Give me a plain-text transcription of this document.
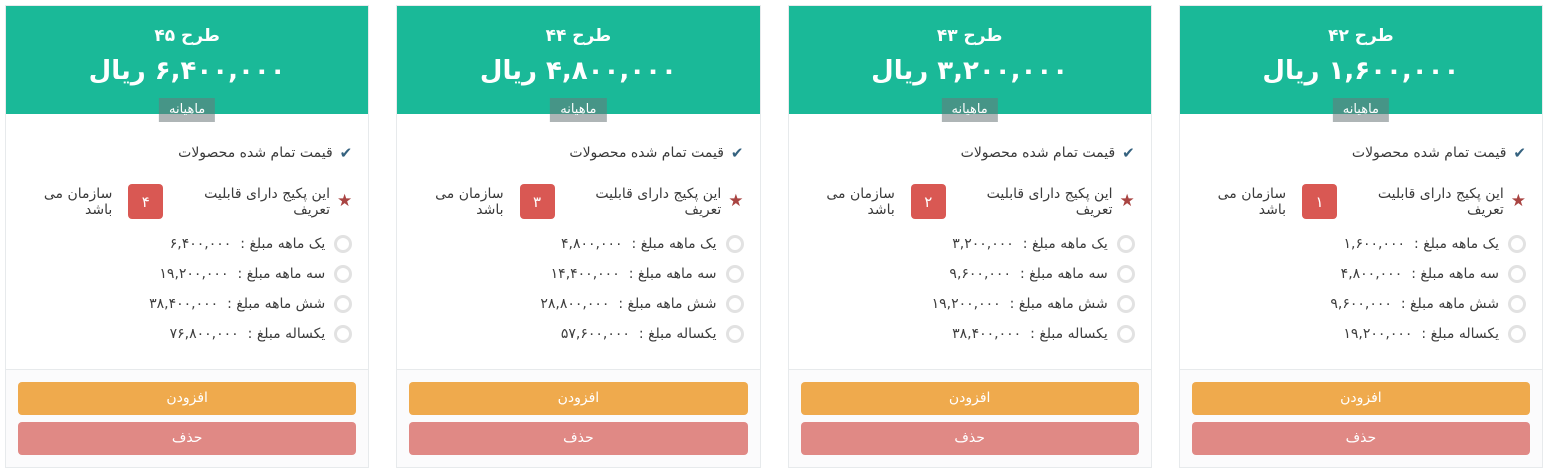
طرح ۴۲
۱,۶۰۰,۰۰۰ ریال
ماهیانه
✔
قیمت تمام شده محصولات
★
این پکیج دارای قابلیت تعریف
۱
سازمان می باشد
یک ماهه مبلغ :
۱,۶۰۰,۰۰۰
سه ماهه مبلغ :
۴,۸۰۰,۰۰۰
شش ماهه مبلغ :
۹,۶۰۰,۰۰۰
یکساله مبلغ :
۱۹,۲۰۰,۰۰۰
افزودن
حذف
طرح ۴۳
۳,۲۰۰,۰۰۰ ریال
ماهیانه
✔
قیمت تمام شده محصولات
★
این پکیج دارای قابلیت تعریف
۲
سازمان می باشد
یک ماهه مبلغ :
۳,۲۰۰,۰۰۰
سه ماهه مبلغ :
۹,۶۰۰,۰۰۰
شش ماهه مبلغ :
۱۹,۲۰۰,۰۰۰
یکساله مبلغ :
۳۸,۴۰۰,۰۰۰
افزودن
حذف
طرح ۴۴
۴,۸۰۰,۰۰۰ ریال
ماهیانه
✔
قیمت تمام شده محصولات
★
این پکیج دارای قابلیت تعریف
۳
سازمان می باشد
یک ماهه مبلغ :
۴,۸۰۰,۰۰۰
سه ماهه مبلغ :
۱۴,۴۰۰,۰۰۰
شش ماهه مبلغ :
۲۸,۸۰۰,۰۰۰
یکساله مبلغ :
۵۷,۶۰۰,۰۰۰
افزودن
حذف
طرح ۴۵
۶,۴۰۰,۰۰۰ ریال
ماهیانه
✔
قیمت تمام شده محصولات
★
این پکیج دارای قابلیت تعریف
۴
سازمان می باشد
یک ماهه مبلغ :
۶,۴۰۰,۰۰۰
سه ماهه مبلغ :
۱۹,۲۰۰,۰۰۰
شش ماهه مبلغ :
۳۸,۴۰۰,۰۰۰
یکساله مبلغ :
۷۶,۸۰۰,۰۰۰
افزودن
حذف
